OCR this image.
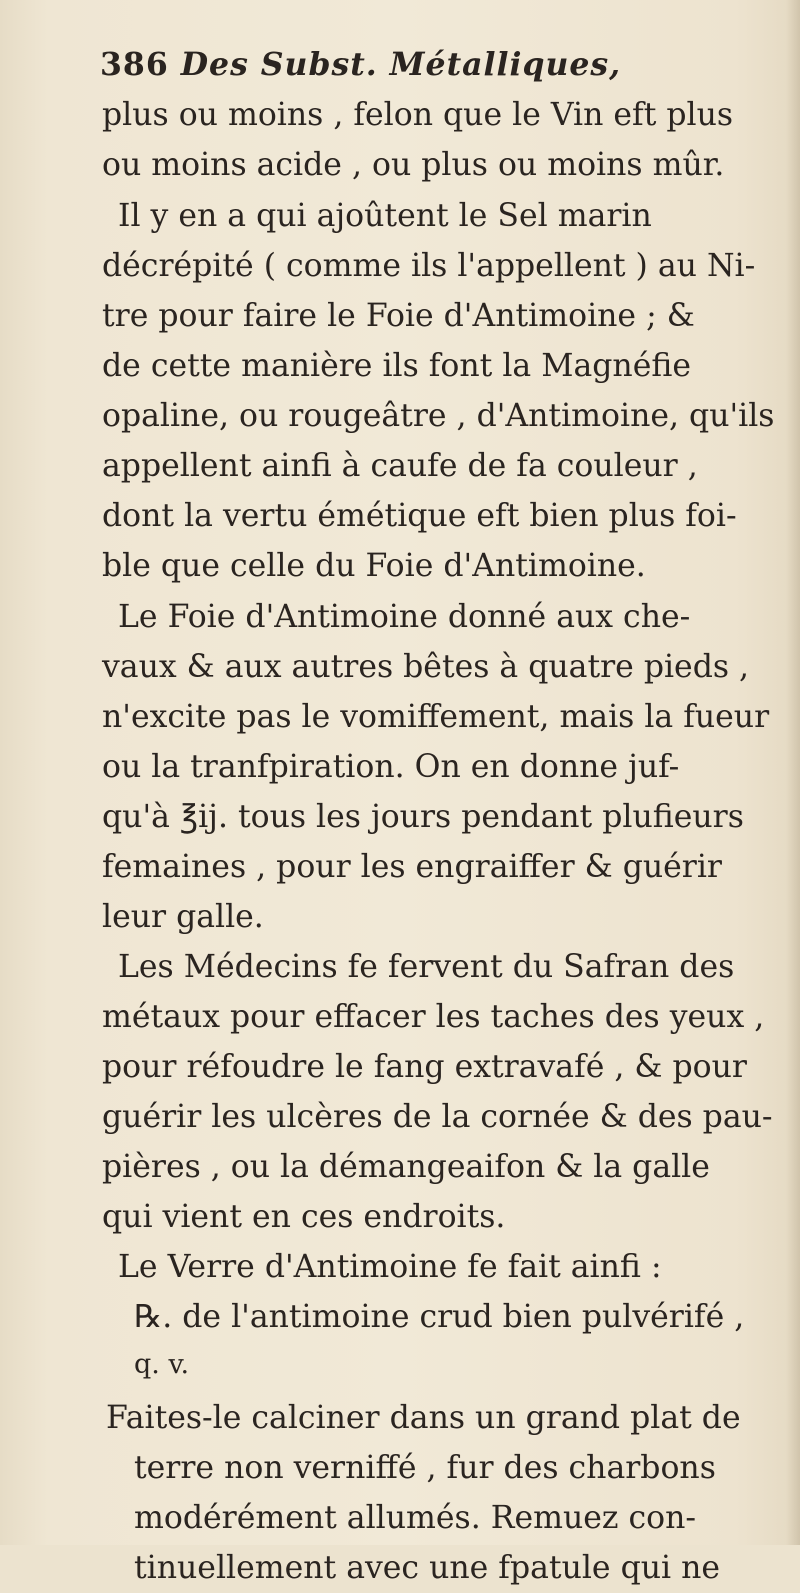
386 Des Subst. Métalliques,
plus ou moins , felon que le Vin eft plus
ou moins acide , ou plus ou moins mûr.
Il y en a qui ajoûtent le Sel marin
décrépité ( comme ils l'appellent ) au Ni-
tre pour faire le Foie d'Antimoine ; &
de cette manière ils font la Magnéfie
opaline, ou rougeâtre , d'Antimoine, qu'ils
appellent ainfi à caufe de fa couleur ,
dont la vertu émétique eft bien plus foi-
ble que celle du Foie d'Antimoine.
Le Foie d'Antimoine donné aux che-
vaux & aux autres bêtes à quatre pieds ,
n'excite pas le vomiffement, mais la fueur
ou la tranfpiration. On en donne juf-
qu'à ℥ij. tous les jours pendant plufieurs
femaines , pour les engraiffer & guérir
leur galle.
Les Médecins fe fervent du Safran des
métaux pour effacer les taches des yeux ,
pour réfoudre le fang extravafé , & pour
guérir les ulcères de la cornée & des pau-
pières , ou la démangeaifon & la galle
qui vient en ces endroits.
Le Verre d'Antimoine fe fait ainfi :
℞. de l'antimoine crud bien pulvérifé ,
q. v.
Faites-le calciner dans un grand plat de
terre non verniffé , fur des charbons
modérément allumés. Remuez con-
tinuellement avec une fpatule qui ne
